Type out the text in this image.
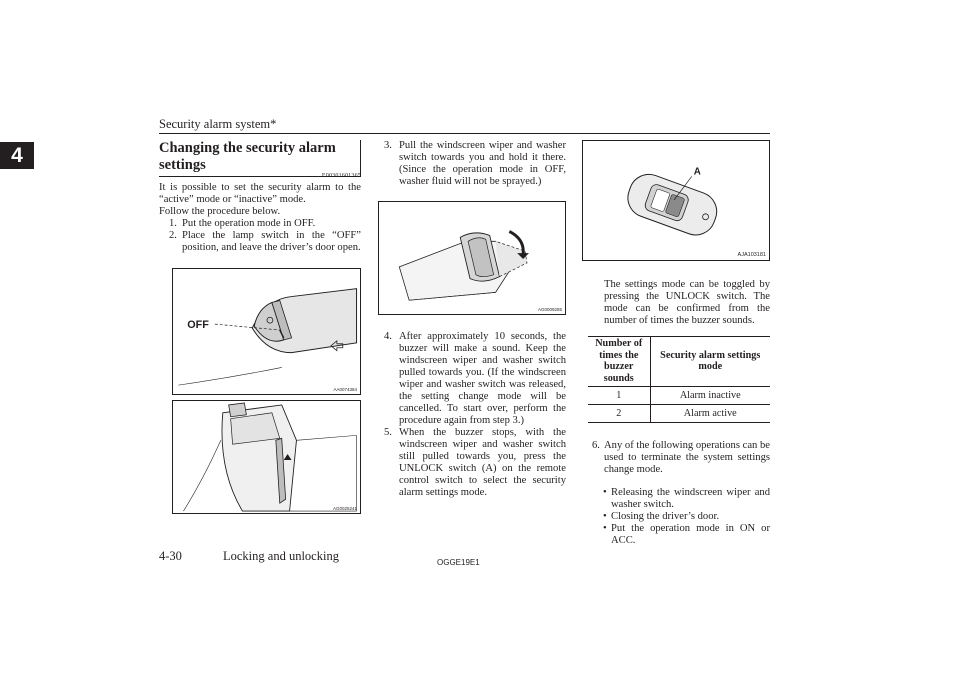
Security alarm system*
4	Changing the security alarm settings
E00301601365
It is possible to set the security alarm to the “active” mode or “inactive” mode.
Follow the procedure below.
1. Put the operation mode in OFF.
2. Place the lamp switch in the “OFF” position, and leave the driver’s door open.
OFF
AA0074384
AG0025241
3. Pull the windscreen wiper and washer switch towards you and hold it there. (Since the operation mode in OFF, washer fluid will not be sprayed.)
AG0009285
4. After approximately 10 seconds, the buzzer will make a sound. Keep the windscreen wiper and washer switch pulled towards you. (If the windscreen wiper and washer switch was released, the setting change mode will be cancelled. To start over, perform the procedure again from step 3.)
5. When the buzzer stops, with the windscreen wiper and washer switch still pulled towards you, press the UNLOCK switch (A) on the remote control switch to select the security alarm settings mode.
A
AJA103181
The settings mode can be toggled by pressing the UNLOCK switch. The mode can be confirmed from the number of times the buzzer sounds.
Number of times the buzzer sounds	Security alarm settings mode
1	Alarm inactive
2	Alarm active
6. Any of the following operations can be used to terminate the system settings change mode.
• Releasing the windscreen wiper and washer switch.
• Closing the driver’s door.
• Put the operation mode in ON or ACC.
4-30	Locking and unlocking	OGGE19E1
